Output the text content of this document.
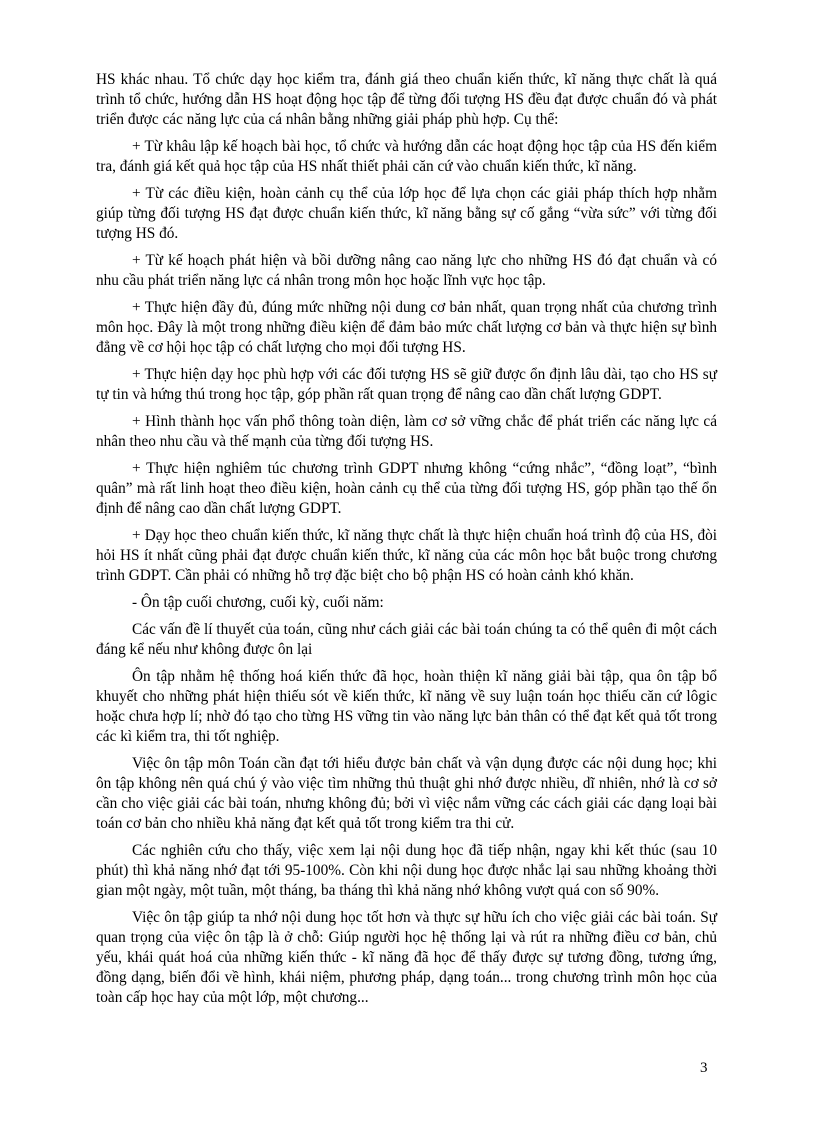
HS khác nhau. Tổ chức dạy học kiểm tra, đánh giá theo chuẩn kiến thức, kĩ năng thực chất là quá trình tổ chức, hướng dẫn HS hoạt động học tập để từng đối tượng HS đều đạt được chuẩn đó và phát triển được các năng lực của cá nhân bằng những giải pháp phù hợp. Cụ thể:

+ Từ khâu lập kế hoạch bài học, tổ chức và hướng dẫn các hoạt động học tập của HS đến kiểm tra, đánh giá kết quả học tập của HS nhất thiết phải căn cứ vào chuẩn kiến thức, kĩ năng.

+ Từ các điều kiện, hoàn cảnh cụ thể của lớp học để lựa chọn các giải pháp thích hợp nhằm giúp từng đối tượng HS đạt được chuẩn kiến thức, kĩ năng bằng sự cố gắng “vừa sức” với từng đối tượng HS đó.

+ Từ kế hoạch phát hiện và bồi dưỡng nâng cao năng lực cho những HS đó đạt chuẩn và có nhu cầu phát triển năng lực cá nhân trong môn học hoặc lĩnh vực học tập.

+ Thực hiện đầy đủ, đúng mức những nội dung cơ bản nhất, quan trọng nhất của chương trình môn học. Đây là một trong những điều kiện để đảm bảo mức chất lượng cơ bản và thực hiện sự bình đẳng về cơ hội học tập có chất lượng cho mọi đối tượng HS.

+ Thực hiện dạy học phù hợp với các đối tượng HS sẽ giữ được ổn định lâu dài, tạo cho HS sự tự tin và hứng thú trong học tập, góp phần rất quan trọng để nâng cao dần chất lượng GDPT.

+ Hình thành học vấn phổ thông toàn diện, làm cơ sở vững chắc để phát triển các năng lực cá nhân theo nhu cầu và thế mạnh của từng đối tượng HS.

+ Thực hiện nghiêm túc chương trình GDPT nhưng không “cứng nhắc”, “đồng loạt”, “bình quân” mà rất linh hoạt theo điều kiện, hoàn cảnh cụ thể của từng đối tượng HS, góp phần tạo thế ổn định để nâng cao dần chất lượng GDPT.

+ Dạy học theo chuẩn kiến thức, kĩ năng thực chất là thực hiện chuẩn hoá trình độ của HS, đòi hỏi HS ít nhất cũng phải đạt được chuẩn kiến thức, kĩ năng của các môn học bắt buộc trong chương trình GDPT. Cần phải có những hỗ trợ đặc biệt cho bộ phận HS có hoàn cảnh khó khăn.

- Ôn tập cuối chương, cuối kỳ, cuối năm:

Các vấn đề lí thuyết của toán, cũng như cách giải các bài toán chúng ta có thể quên đi một cách đáng kể nếu như không được ôn lại

Ôn tập nhằm hệ thống hoá kiến thức đã học, hoàn thiện kĩ năng giải bài tập, qua ôn tập bổ khuyết cho những phát hiện thiếu sót về kiến thức, kĩ năng về suy luận toán học thiếu căn cứ lôgic hoặc chưa hợp lí; nhờ đó tạo cho từng HS vững tin vào năng lực bản thân có thể đạt kết quả tốt trong các kì kiểm tra, thi tốt nghiệp.

Việc ôn tập môn Toán cần đạt tới hiểu được bản chất và vận dụng được các nội dung học; khi ôn tập không nên quá chú ý vào việc tìm những thủ thuật ghi nhớ được nhiều, dĩ nhiên, nhớ là cơ sở cần cho việc giải các bài toán, nhưng không đủ; bởi vì việc nắm vững các cách giải các dạng loại bài toán cơ bản cho nhiều khả năng đạt kết quả tốt trong kiểm tra thi cử.

Các nghiên cứu cho thấy, việc xem lại nội dung học đã tiếp nhận, ngay khi kết thúc (sau 10 phút) thì khả năng nhớ đạt tới 95-100%. Còn khi nội dung học được nhắc lại sau những khoảng thời gian một ngày, một tuần, một tháng, ba tháng thì khả năng nhớ không vượt quá con số 90%.

Việc ôn tập giúp ta nhớ nội dung học tốt hơn và thực sự hữu ích cho việc giải các bài toán. Sự quan trọng của việc ôn tập là ở chỗ: Giúp người học hệ thống lại và rút ra những điều cơ bản, chủ yếu, khái quát hoá của những kiến thức - kĩ năng đã học để thấy được sự tương đồng, tương ứng, đồng dạng, biến đổi về hình, khái niệm, phương pháp, dạng toán... trong chương trình môn học của toàn cấp học hay của một lớp, một chương...

3
